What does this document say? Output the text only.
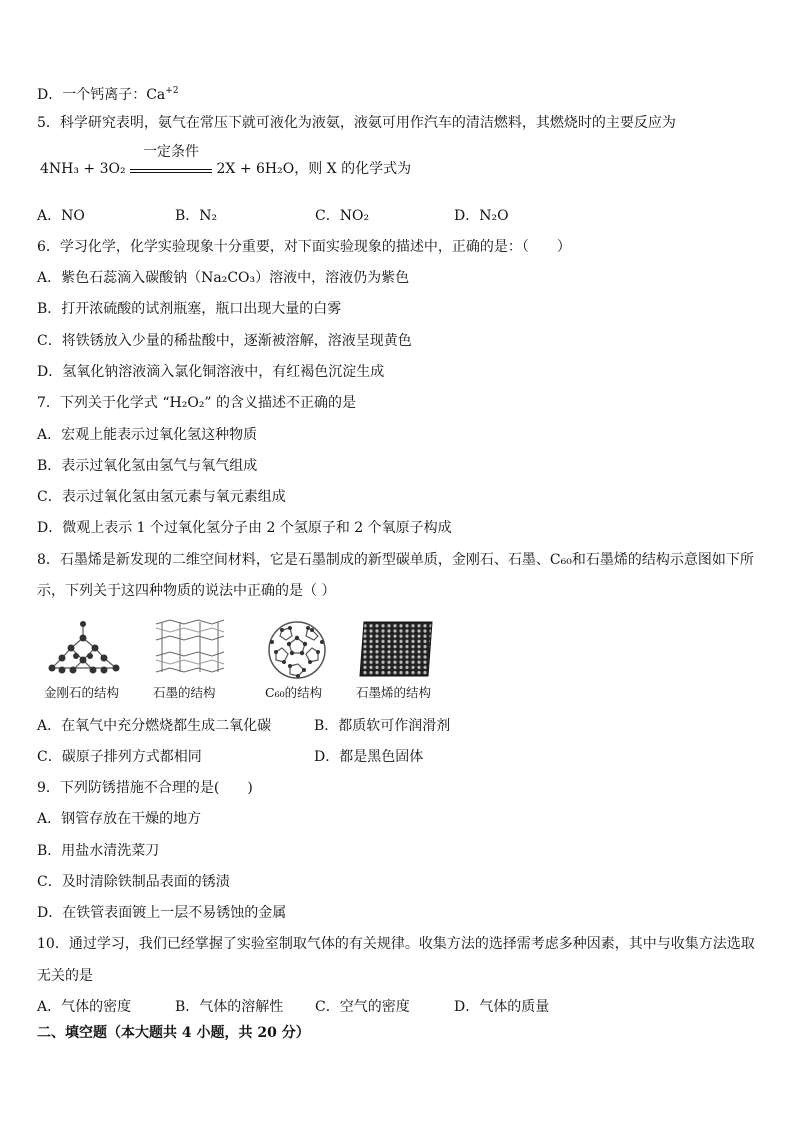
D．一个钙离子：$Ca^{+2}$
5．科学研究表明，氨气在常压下就可液化为液氨，液氨可用作汽车的清洁燃料，其燃烧时的主要反应为
4NH₃ + 3O₂
一定条件
2X + 6H₂O，则 X 的化学式为
A．NO	B．N₂	C．NO₂	D．N₂O
6．学习化学，化学实验现象十分重要，对下面实验现象的描述中，正确的是：（　　）
A．紫色石蕊滴入碳酸钠（Na₂CO₃）溶液中，溶液仍为紫色
B．打开浓硫酸的试剂瓶塞，瓶口出现大量的白雾
C．将铁锈放入少量的稀盐酸中，逐渐被溶解，溶液呈现黄色
D．氢氧化钠溶液滴入氯化铜溶液中，有红褐色沉淀生成
7．下列关于化学式 “H₂O₂” 的含义描述不正确的是
A．宏观上能表示过氧化氢这种物质
B．表示过氧化氢由氢气与氧气组成
C．表示过氧化氢由氢元素与氧元素组成
D．微观上表示 1 个过氧化氢分子由 2 个氢原子和 2 个氧原子构成
8．石墨烯是新发现的二维空间材料，它是石墨制成的新型碳单质，金刚石、石墨、C₆₀和石墨烯的结构示意图如下所
示，下列关于这四种物质的说法中正确的是（ ）
金刚石的结构	石墨的结构	C₆₀的结构	石墨烯的结构
A．在氧气中充分燃烧都生成二氧化碳	B．都质软可作润滑剂
C．碳原子排列方式都相同	D．都是黑色固体
9．下列防锈措施不合理的是(　　)
A．钢管存放在干燥的地方
B．用盐水清洗菜刀
C．及时清除铁制品表面的锈渍
D．在铁管表面镀上一层不易锈蚀的金属
10．通过学习，我们已经掌握了实验室制取气体的有关规律。收集方法的选择需考虑多种因素，其中与收集方法选取
无关的是
A．气体的密度	B．气体的溶解性 C．空气的密度	D．气体的质量
二、填空题（本大题共 4 小题，共 20 分）
